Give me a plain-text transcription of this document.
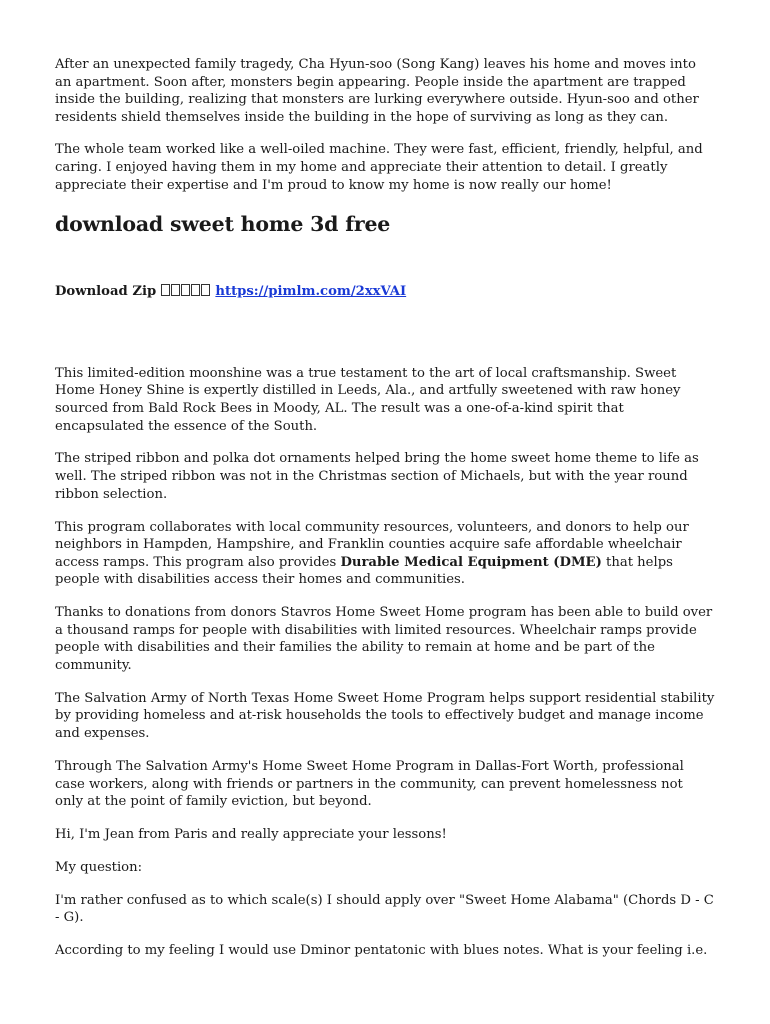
After an unexpected family tragedy, Cha Hyun-soo (Song Kang) leaves his home and moves into an apartment. Soon after, monsters begin appearing. People inside the apartment are trapped inside the building, realizing that monsters are lurking everywhere outside. Hyun-soo and other residents shield themselves inside the building in the hope of surviving as long as they can.

The whole team worked like a well-oiled machine. They were fast, efficient, friendly, helpful, and caring. I enjoyed having them in my home and appreciate their attention to detail. I greatly appreciate their expertise and I'm proud to know my home is now really our home!

download sweet home 3d free
Download Zip	https://pimlm.com/2xxVAI

This limited-edition moonshine was a true testament to the art of local craftsmanship. Sweet Home Honey Shine is expertly distilled in Leeds, Ala., and artfully sweetened with raw honey sourced from Bald Rock Bees in Moody, AL. The result was a one-of-a-kind spirit that encapsulated the essence of the South.

The striped ribbon and polka dot ornaments helped bring the home sweet home theme to life as well. The striped ribbon was not in the Christmas section of Michaels, but with the year round ribbon selection.

This program collaborates with local community resources, volunteers, and donors to help our neighbors in Hampden, Hampshire, and Franklin counties acquire safe affordable wheelchair access ramps. This program also provides Durable Medical Equipment (DME) that helps people with disabilities access their homes and communities.

Thanks to donations from donors Stavros Home Sweet Home program has been able to build over a thousand ramps for people with disabilities with limited resources. Wheelchair ramps provide people with disabilities and their families the ability to remain at home and be part of the community.

The Salvation Army of North Texas Home Sweet Home Program helps support residential stability by providing homeless and at-risk households the tools to effectively budget and manage income and expenses.

Through The Salvation Army's Home Sweet Home Program in Dallas-Fort Worth, professional case workers, along with friends or partners in the community, can prevent homelessness not only at the point of family eviction, but beyond.

Hi, I'm Jean from Paris and really appreciate your lessons!

My question:

I'm rather confused as to which scale(s) I should apply over "Sweet Home Alabama" (Chords D - C - G).

According to my feeling I would use Dminor pentatonic with blues notes. What is your feeling i.e.
